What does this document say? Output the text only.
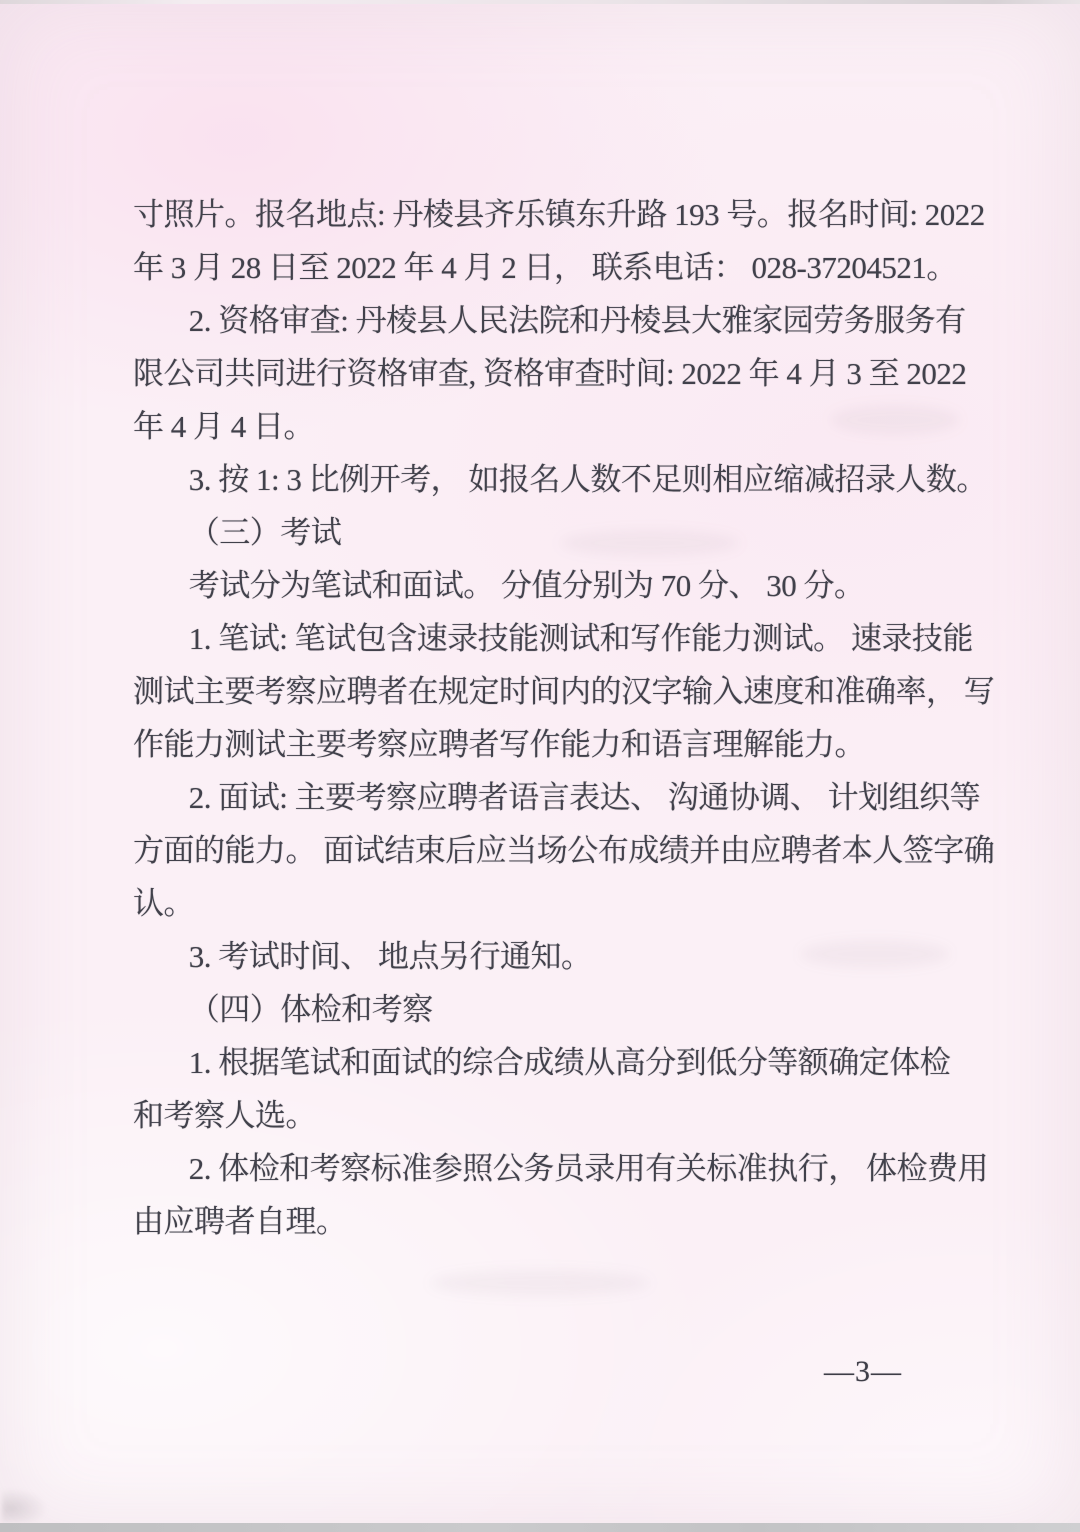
寸照片。报名地点: 丹棱县齐乐镇东升路 193 号。报名时间: 2022
年 3 月 28 日至 2022 年 4 月 2 日， 联系电话： 028-37204521。
2. 资格审查: 丹棱县人民法院和丹棱县大雅家园劳务服务有
限公司共同进行资格审查, 资格审查时间: 2022 年 4 月 3 至 2022
年 4 月 4 日。
3. 按 1: 3 比例开考， 如报名人数不足则相应缩减招录人数。
（三）考试
考试分为笔试和面试。 分值分别为 70 分、 30 分。
1. 笔试: 笔试包含速录技能测试和写作能力测试。 速录技能
测试主要考察应聘者在规定时间内的汉字输入速度和准确率， 写
作能力测试主要考察应聘者写作能力和语言理解能力。
2. 面试: 主要考察应聘者语言表达、 沟通协调、 计划组织等
方面的能力。 面试结束后应当场公布成绩并由应聘者本人签字确
认。
3. 考试时间、 地点另行通知。
（四）体检和考察
1. 根据笔试和面试的综合成绩从高分到低分等额确定体检
和考察人选。
2. 体检和考察标准参照公务员录用有关标准执行， 体检费用
由应聘者自理。
—3—
